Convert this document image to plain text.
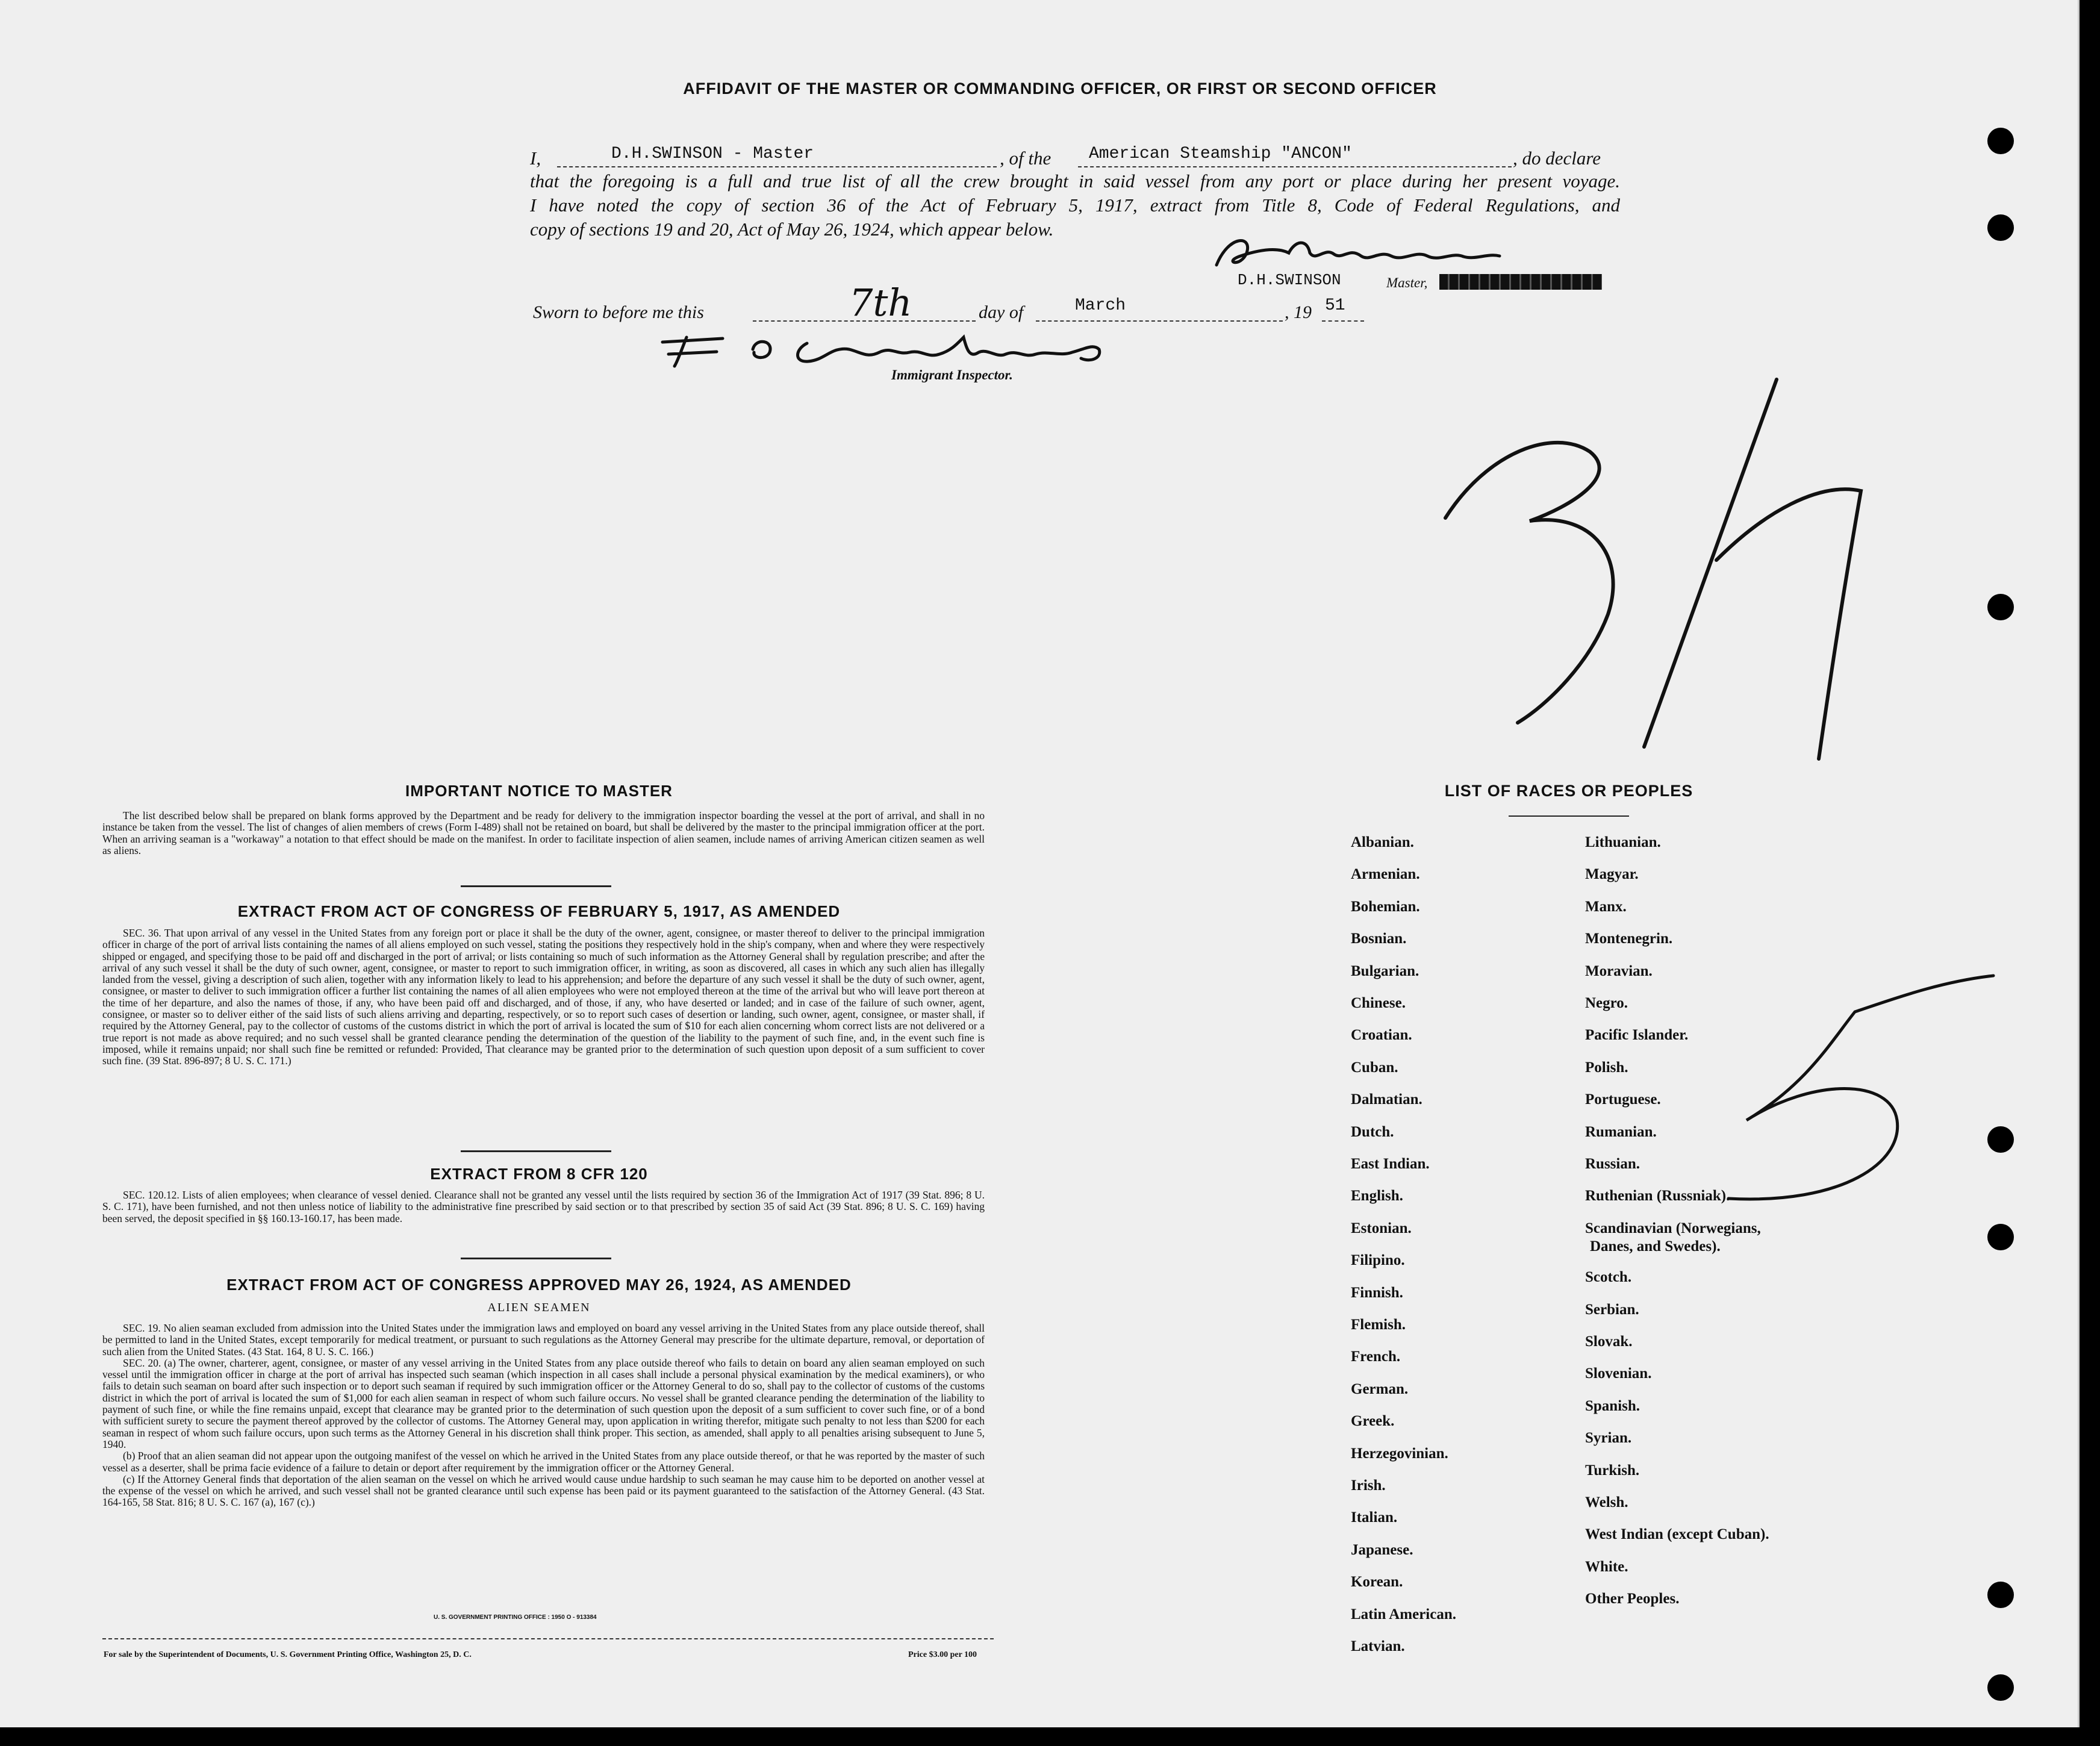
AFFIDAVIT OF THE MASTER OR COMMANDING OFFICER, OR FIRST OR SECOND OFFICER
I,	D.H.SWINSON - Master	, of the American Steamship "ANCON"	, do declare
that the foregoing is a full and true list of all the crew brought in said vessel from any port or place during her present voyage.
I have noted the copy of section 36 of the Act of February 5, 1917, extract from Title 8, Code of Federal Regulations, and
copy of sections 19 and 20, Act of May 26, 1924, which appear below.
D.H.SWINSON	Master,
Sworn to before me this	7th	day of	March	, 19 51
Immigrant Inspector.
3/7
5
IMPORTANT NOTICE TO MASTER

The list described below shall be prepared on blank forms approved by the Department and be ready for delivery to the immigration inspector boarding the vessel at the port of arrival, and shall in no instance be taken from the vessel. The list of changes of alien members of crews (Form I-489) shall not be retained on board, but shall be delivered by the master to the principal immigration officer at the port. When an arriving seaman is a "workaway" a notation to that effect should be made on the manifest. In order to facilitate inspection of alien seamen, include names of arriving American citizen seamen as well as aliens.

EXTRACT FROM ACT OF CONGRESS OF FEBRUARY 5, 1917, AS AMENDED

SEC. 36. That upon arrival of any vessel in the United States from any foreign port or place it shall be the duty of the owner, agent, consignee, or master thereof to deliver to the principal immigration officer in charge of the port of arrival lists containing the names of all aliens employed on such vessel, stating the positions they respectively hold in the ship's company, when and where they were respectively shipped or engaged, and specifying those to be paid off and discharged in the port of arrival; or lists containing so much of such information as the Attorney General shall by regulation prescribe; and after the arrival of any such vessel it shall be the duty of such owner, agent, consignee, or master to report to such immigration officer, in writing, as soon as discovered, all cases in which any such alien has illegally landed from the vessel, giving a description of such alien, together with any information likely to lead to his apprehension; and before the departure of any such vessel it shall be the duty of such owner, agent, consignee, or master to deliver to such immigration officer a further list containing the names of all alien employees who were not employed thereon at the time of the arrival but who will leave port thereon at the time of her departure, and also the names of those, if any, who have been paid off and discharged, and of those, if any, who have deserted or landed; and in case of the failure of such owner, agent, consignee, or master so to deliver either of the said lists of such aliens arriving and departing, respectively, or so to report such cases of desertion or landing, such owner, agent, consignee, or master shall, if required by the Attorney General, pay to the collector of customs of the customs district in which the port of arrival is located the sum of $10 for each alien concerning whom correct lists are not delivered or a true report is not made as above required; and no such vessel shall be granted clearance pending the determination of the question of the liability to the payment of such fine, and, in the event such fine is imposed, while it remains unpaid; nor shall such fine be remitted or refunded: Provided, That clearance may be granted prior to the determination of such question upon deposit of a sum sufficient to cover such fine. (39 Stat. 896-897; 8 U. S. C. 171.)

EXTRACT FROM 8 CFR 120

SEC. 120.12. Lists of alien employees; when clearance of vessel denied. Clearance shall not be granted any vessel until the lists required by section 36 of the Immigration Act of 1917 (39 Stat. 896; 8 U. S. C. 171), have been furnished, and not then unless notice of liability to the administrative fine prescribed by said section or to that prescribed by section 35 of said Act (39 Stat. 896; 8 U. S. C. 169) having been served, the deposit specified in §§ 160.13-160.17, has been made.

EXTRACT FROM ACT OF CONGRESS APPROVED MAY 26, 1924, AS AMENDED
ALIEN SEAMEN

SEC. 19. No alien seaman excluded from admission into the United States under the immigration laws and employed on board any vessel arriving in the United States from any place outside thereof, shall be permitted to land in the United States, except temporarily for medical treatment, or pursuant to such regulations as the Attorney General may prescribe for the ultimate departure, removal, or deportation of such alien from the United States. (43 Stat. 164, 8 U. S. C. 166.)

SEC. 20. (a) The owner, charterer, agent, consignee, or master of any vessel arriving in the United States from any place outside thereof who fails to detain on board any alien seaman employed on such vessel until the immigration officer in charge at the port of arrival has inspected such seaman (which inspection in all cases shall include a personal physical examination by the medical examiners), or who fails to detain such seaman on board after such inspection or to deport such seaman if required by such immigration officer or the Attorney General to do so, shall pay to the collector of customs of the customs district in which the port of arrival is located the sum of $1,000 for each alien seaman in respect of whom such failure occurs. No vessel shall be granted clearance pending the determination of the liability to payment of such fine, or while the fine remains unpaid, except that clearance may be granted prior to the determination of such question upon the deposit of a sum sufficient to cover such fine, or of a bond with sufficient surety to secure the payment thereof approved by the collector of customs. The Attorney General may, upon application in writing therefor, mitigate such penalty to not less than $200 for each seaman in respect of whom such failure occurs, upon such terms as the Attorney General in his discretion shall think proper. This section, as amended, shall apply to all penalties arising subsequent to June 5, 1940.

(b) Proof that an alien seaman did not appear upon the outgoing manifest of the vessel on which he arrived in the United States from any place outside thereof, or that he was reported by the master of such vessel as a deserter, shall be prima facie evidence of a failure to detain or deport after requirement by the immigration officer or the Attorney General.

(c) If the Attorney General finds that deportation of the alien seaman on the vessel on which he arrived would cause undue hardship to such seaman he may cause him to be deported on another vessel at the expense of the vessel on which he arrived, and such vessel shall not be granted clearance until such expense has been paid or its payment guaranteed to the satisfaction of the Attorney General. (43 Stat. 164-165, 58 Stat. 816; 8 U. S. C. 167 (a), 167 (c).)

U. S. GOVERNMENT PRINTING OFFICE : 1950 O - 913384
For sale by the Superintendent of Documents, U. S. Government Printing Office, Washington 25, D. C.	Price $3.00 per 100
LIST OF RACES OR PEOPLES
Albanian.
Armenian.
Bohemian.
Bosnian.
Bulgarian.
Chinese.
Croatian.
Cuban.
Dalmatian.
Dutch.
East Indian.
English.
Estonian.
Filipino.
Finnish.
Flemish.
French.
German.
Greek.
Herzegovinian.
Irish.
Italian.
Japanese.
Korean.
Latin American.
Latvian.
Lithuanian.
Magyar.
Manx.
Montenegrin.
Moravian.
Negro.
Pacific Islander.
Polish.
Portuguese.
Rumanian.
Russian.
Ruthenian (Russniak).
Scandinavian (Norwegians,
Danes, and Swedes).
Scotch.
Serbian.
Slovak.
Slovenian.
Spanish.
Syrian.
Turkish.
Welsh.
West Indian (except Cuban).
White.
Other Peoples.
